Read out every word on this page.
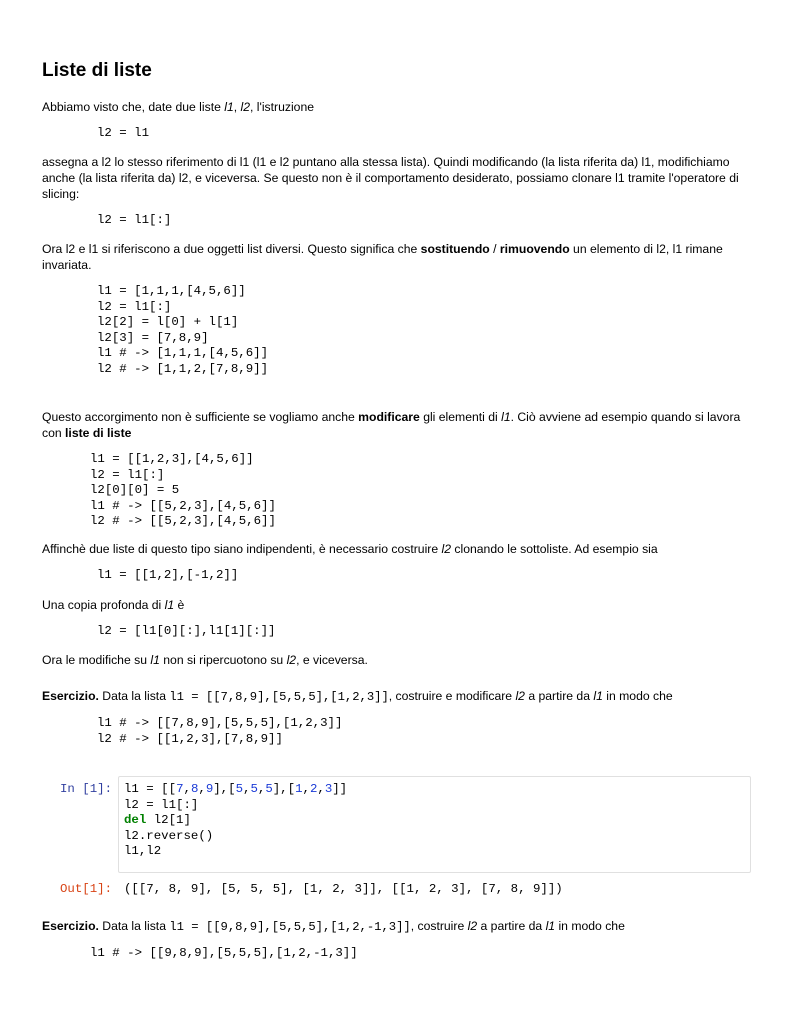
Liste di liste

Abbiamo visto che, date due liste l1, l2, l'istruzione

l2 = l1

assegna a l2 lo stesso riferimento di l1 (l1 e l2 puntano alla stessa lista). Quindi modificando (la lista riferita da) l1, modifichiamo anche (la lista riferita da) l2, e viceversa. Se questo non è il comportamento desiderato, possiamo clonare l1 tramite l'operatore di slicing:

l2 = l1[:]

Ora l2 e l1 si riferiscono a due oggetti list diversi. Questo significa che sostituendo / rimuovendo un elemento di l2, l1 rimane invariata.

l1 = [1,1,1,[4,5,6]]
l2 = l1[:]
l2[2] = l[0] + l[1]
l2[3] = [7,8,9]
l1 # -> [1,1,1,[4,5,6]]
l2 # -> [1,1,2,[7,8,9]]

Questo accorgimento non è sufficiente se vogliamo anche modificare gli elementi di l1. Ciò avviene ad esempio quando si lavora con liste di liste

l1 = [[1,2,3],[4,5,6]]
l2 = l1[:]
l2[0][0] = 5
l1 # -> [[5,2,3],[4,5,6]]
l2 # -> [[5,2,3],[4,5,6]]

Affinchè due liste di questo tipo siano indipendenti, è necessario costruire l2 clonando le sottoliste. Ad esempio sia

l1 = [[1,2],[-1,2]]

Una copia profonda di l1 è

l2 = [l1[0][:],l1[1][:]]

Ora le modifiche su l1 non si ripercuotono su l2, e viceversa.

Esercizio. Data la lista l1 = [[7,8,9],[5,5,5],[1,2,3]], costruire e modificare l2 a partire da l1 in modo che

l1 # -> [[7,8,9],[5,5,5],[1,2,3]]
l2 # -> [[1,2,3],[7,8,9]]
In [1]: l1 = [[7,8,9],[5,5,5],[1,2,3]]
l2 = l1[:]
del l2[1]
l2.reverse()
l1,l2
Out[1]: ([[7, 8, 9], [5, 5, 5], [1, 2, 3]], [[1, 2, 3], [7, 8, 9]])

Esercizio. Data la lista l1 = [[9,8,9],[5,5,5],[1,2,-1,3]], costruire l2 a partire da l1 in modo che

l1 # -> [[9,8,9],[5,5,5],[1,2,-1,3]]
